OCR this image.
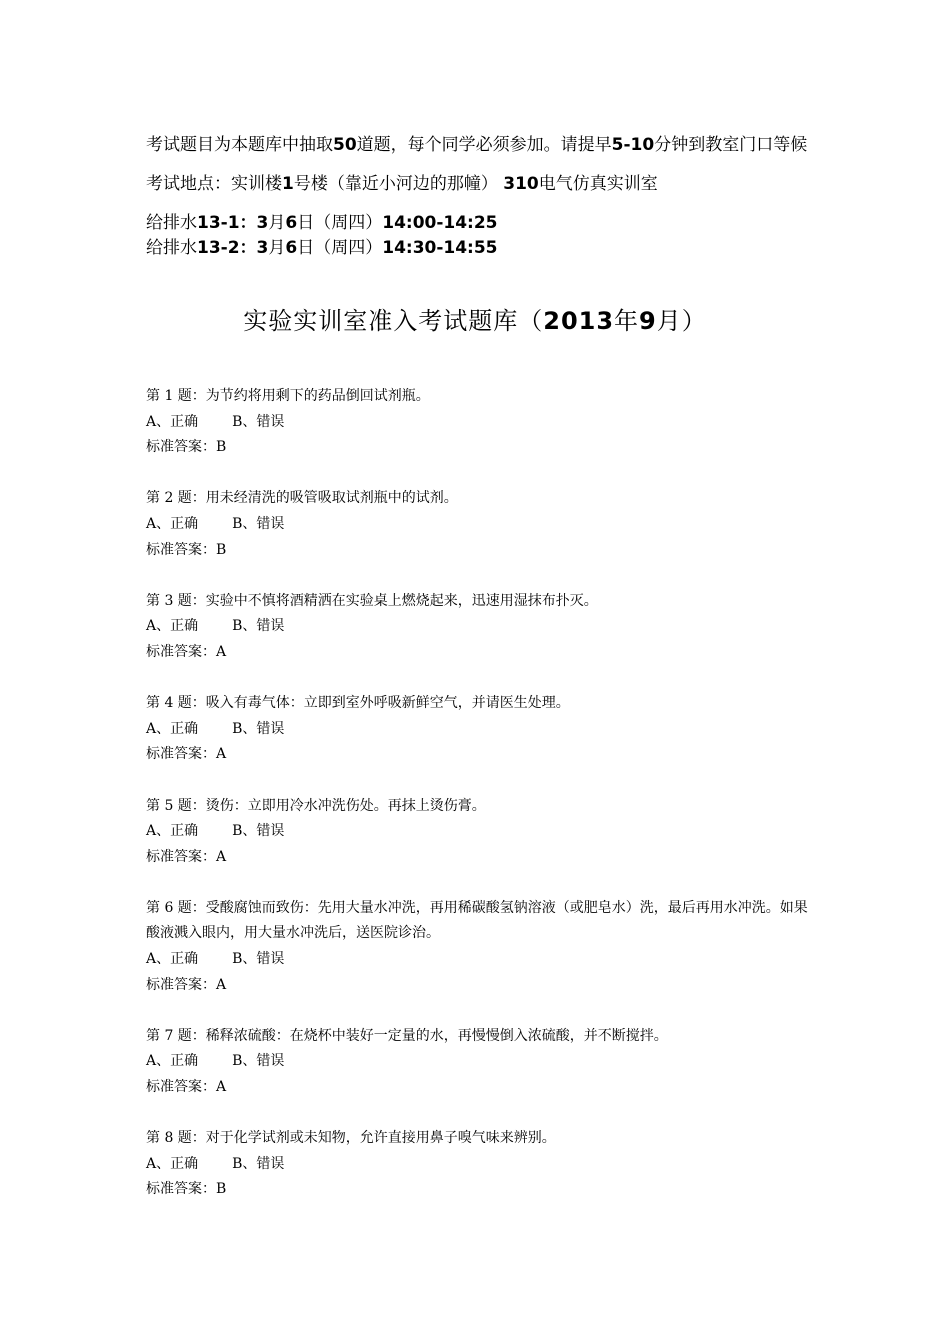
考试题目为本题库中抽取50道题，每个同学必须参加。请提早5-10分钟到教室门口等候

考试地点：实训楼1号楼（靠近小河边的那幢） 310电气仿真实训室

给排水13-1：3月6日（周四）14:00-14:25

给排水13-2：3月6日（周四）14:30-14:55

实验实训室准入考试题库（2013年9月）
第 1 题：为节约将用剩下的药品倒回试剂瓶。
A、正确 B、错误
标准答案：B
第 2 题：用未经清洗的吸管吸取试剂瓶中的试剂。
A、正确 B、错误
标准答案：B
第 3 题：实验中不慎将酒精洒在实验桌上燃烧起来，迅速用湿抹布扑灭。
A、正确 B、错误
标准答案：A
第 4 题：吸入有毒气体：立即到室外呼吸新鲜空气，并请医生处理。
A、正确 B、错误
标准答案：A
第 5 题：烫伤：立即用冷水冲洗伤处。再抹上烫伤膏。
A、正确 B、错误
标准答案：A
第 6 题：受酸腐蚀而致伤：先用大量水冲洗，再用稀碳酸氢钠溶液（或肥皂水）洗，最后再用水冲洗。如果酸液溅入眼内，用大量水冲洗后，送医院诊治。
A、正确 B、错误
标准答案：A
第 7 题：稀释浓硫酸：在烧杯中装好一定量的水，再慢慢倒入浓硫酸，并不断搅拌。
A、正确 B、错误
标准答案：A
第 8 题：对于化学试剂或未知物，允许直接用鼻子嗅气味来辨别。
A、正确 B、错误
标准答案：B
